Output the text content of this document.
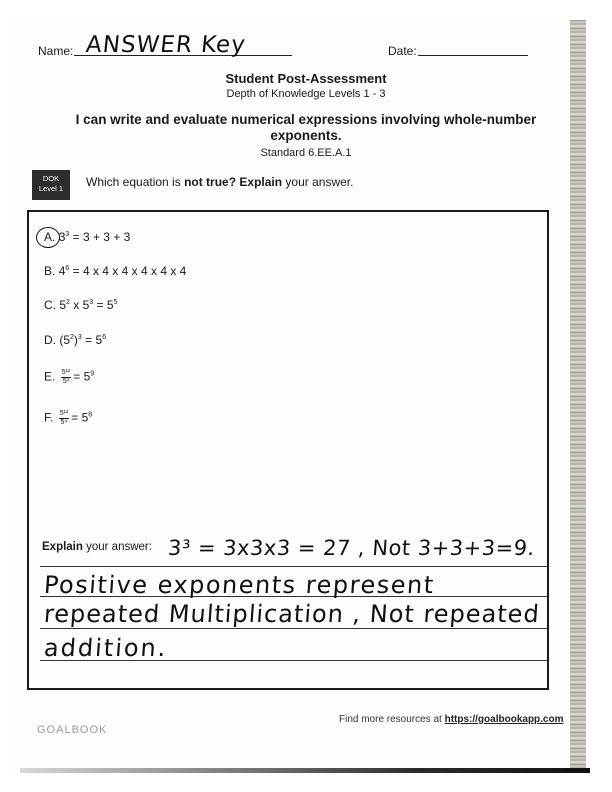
Name: ANSWER Key	Date:
Student Post-Assessment
Depth of Knowledge Levels 1 - 3
I can write and evaluate numerical expressions involving whole-number exponents.
Standard 6.EE.A.1
DOK
Level 1	Which equation is not true? Explain your answer.
A. $3^3 = 3 + 3 + 3$
B. $4^6 = 4$ x 4 x 4 x 4 x 4 x 4
C. $5^2$ x $5^3 = 5^5$
D. $(5^2)^3 = 5^6$
E. $\frac{\text{5¹²}}{\text{5³}} = 5^9$
F. $\frac{\text{5¹²}}{\text{5⁴}} = 5^8$
Explain your answer: 3³ = 3x3x3 = 27 , Not 3+3+3=9.
Positive exponents represent
repeated Multiplication , Not repeated
addition.
GOALBOOK
Find more resources at https://goalbookapp.com
